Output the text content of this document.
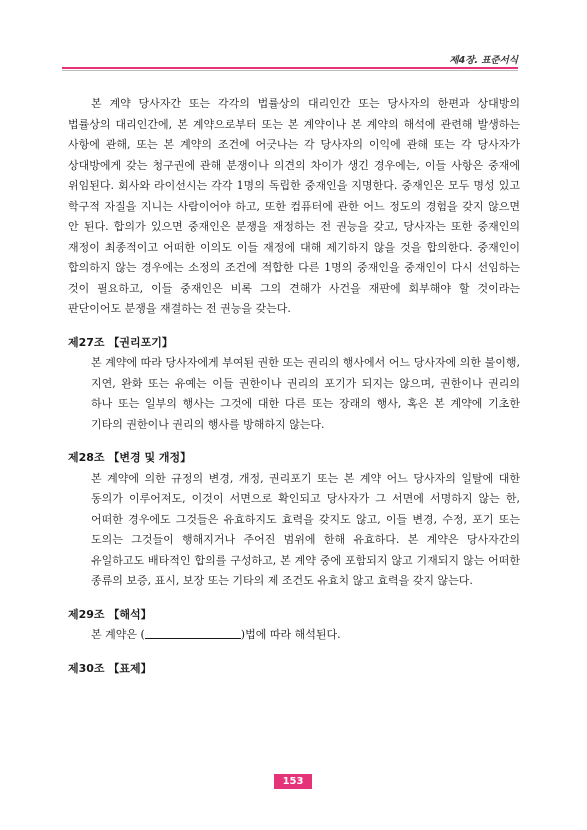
제4장. 표준서식

본 계약 당사자간 또는 각각의 법률상의 대리인간 또는 당사자의 한편과 상대방의 법률상의 대리인간에, 본 계약으로부터 또는 본 계약이나 본 계약의 해석에 관련해 발생하는 사항에 관해, 또는 본 계약의 조건에 어긋나는 각 당사자의 이익에 관해 또는 각 당사자가 상대방에게 갖는 청구권에 관해 분쟁이나 의견의 차이가 생긴 경우에는, 이들 사항은 중재에 위임된다. 회사와 라이선시는 각각 1명의 독립한 중재인을 지명한다. 중재인은 모두 명성 있고 학구적 자질을 지니는 사람이어야 하고, 또한 컴퓨터에 관한 어느 정도의 경험을 갖지 않으면 안 된다. 합의가 있으면 중재인은 분쟁을 재정하는 전 권능을 갖고, 당사자는 또한 중재인의 재정이 최종적이고 어떠한 이의도 이들 재정에 대해 제기하지 않을 것을 합의한다. 중재인이 합의하지 않는 경우에는 소정의 조건에 적합한 다른 1명의 중재인을 중재인이 다시 선임하는 것이 필요하고, 이들 중재인은 비록 그의 견해가 사건을 재판에 회부해야 할 것이라는 판단이어도 분쟁을 재결하는 전 권능을 갖는다.

제27조 【권리포기】

본 계약에 따라 당사자에게 부여된 권한 또는 권리의 행사에서 어느 당사자에 의한 불이행, 지연, 완화 또는 유예는 이들 권한이나 권리의 포기가 되지는 않으며, 권한이나 권리의 하나 또는 일부의 행사는 그것에 대한 다른 또는 장래의 행사, 혹은 본 계약에 기초한 기타의 권한이나 권리의 행사를 방해하지 않는다.

제28조 【변경 및 개정】

본 계약에 의한 규정의 변경, 개정, 권리포기 또는 본 계약 어느 당사자의 일탈에 대한 동의가 이루어져도, 이것이 서면으로 확인되고 당사자가 그 서면에 서명하지 않는 한, 어떠한 경우에도 그것들은 유효하지도 효력을 갖지도 않고, 이들 변경, 수정, 포기 또는 도의는 그것들이 행해지거나 주어진 범위에 한해 유효하다. 본 계약은 당사자간의 유일하고도 배타적인 합의를 구성하고, 본 계약 중에 포함되지 않고 기재되지 않는 어떠한 종류의 보증, 표시, 보장 또는 기타의 제 조건도 유효치 않고 효력을 갖지 않는다.

제29조 【해석】

본 계약은 (	)법에 따라 해석된다.

제30조 【표제】

153
